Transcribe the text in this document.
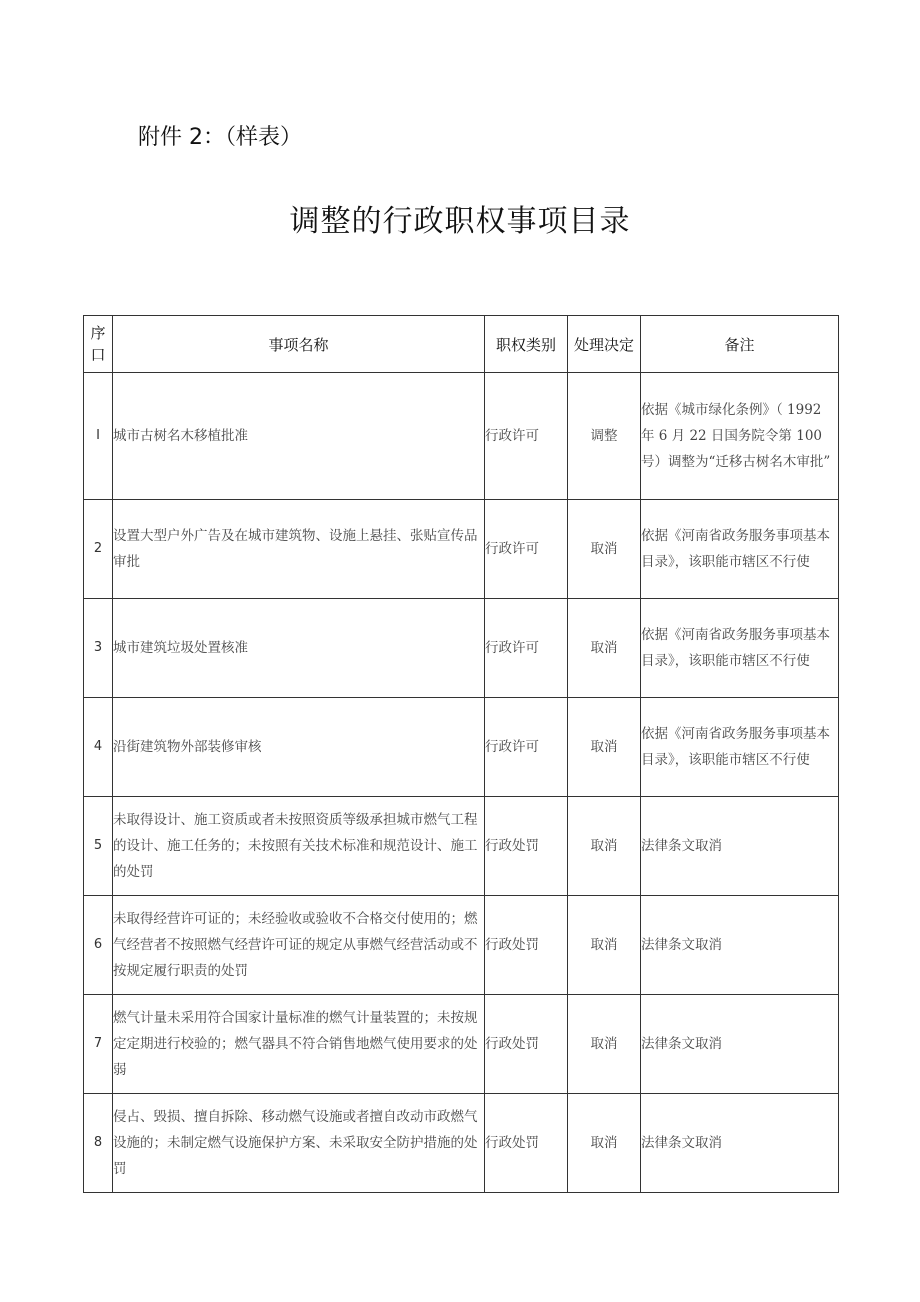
附件 2：（样表）
调整的行政职权事项目录
序口	事项名称	职权类别	处理决定	备注
I	城市古树名木移植批准	行政许可	调整	依据《城市绿化条例》（ 1992 年 6 月 22 日国务院令第 100 号）调整为“迁移古树名木审批”
2	设置大型户外广告及在城市建筑物、设施上悬挂、张贴宣传品审批	行政许可	取消	依据《河南省政务服务事项基本目录》，该职能市辖区不行使
3	城市建筑垃圾处置核准	行政许可	取消	依据《河南省政务服务事项基本目录》，该职能市辖区不行使
4	沿街建筑物外部装修审核	行政许可	取消	依据《河南省政务服务事项基本目录》，该职能市辖区不行使
5	未取得设计、施工资质或者未按照资质等级承担城市燃气工程的设计、施工任务的；未按照有关技术标准和规范设计、施工的处罚	行政处罚	取消	法律条文取消
6	未取得经营许可证的；未经验收或验收不合格交付使用的；燃气经营者不按照燃气经营许可证的规定从事燃气经营活动或不按规定履行职责的处罚	行政处罚	取消	法律条文取消
7	燃气计量未采用符合国家计量标准的燃气计量装置的；未按规定定期进行校验的；燃气器具不符合销售地燃气使用要求的处弱	行政处罚	取消	法律条文取消
8	侵占、毁损、擅自拆除、移动燃气设施或者擅自改动市政燃气设施的；未制定燃气设施保护方案、未采取安全防护措施的处罚	行政处罚	取消	法律条文取消
